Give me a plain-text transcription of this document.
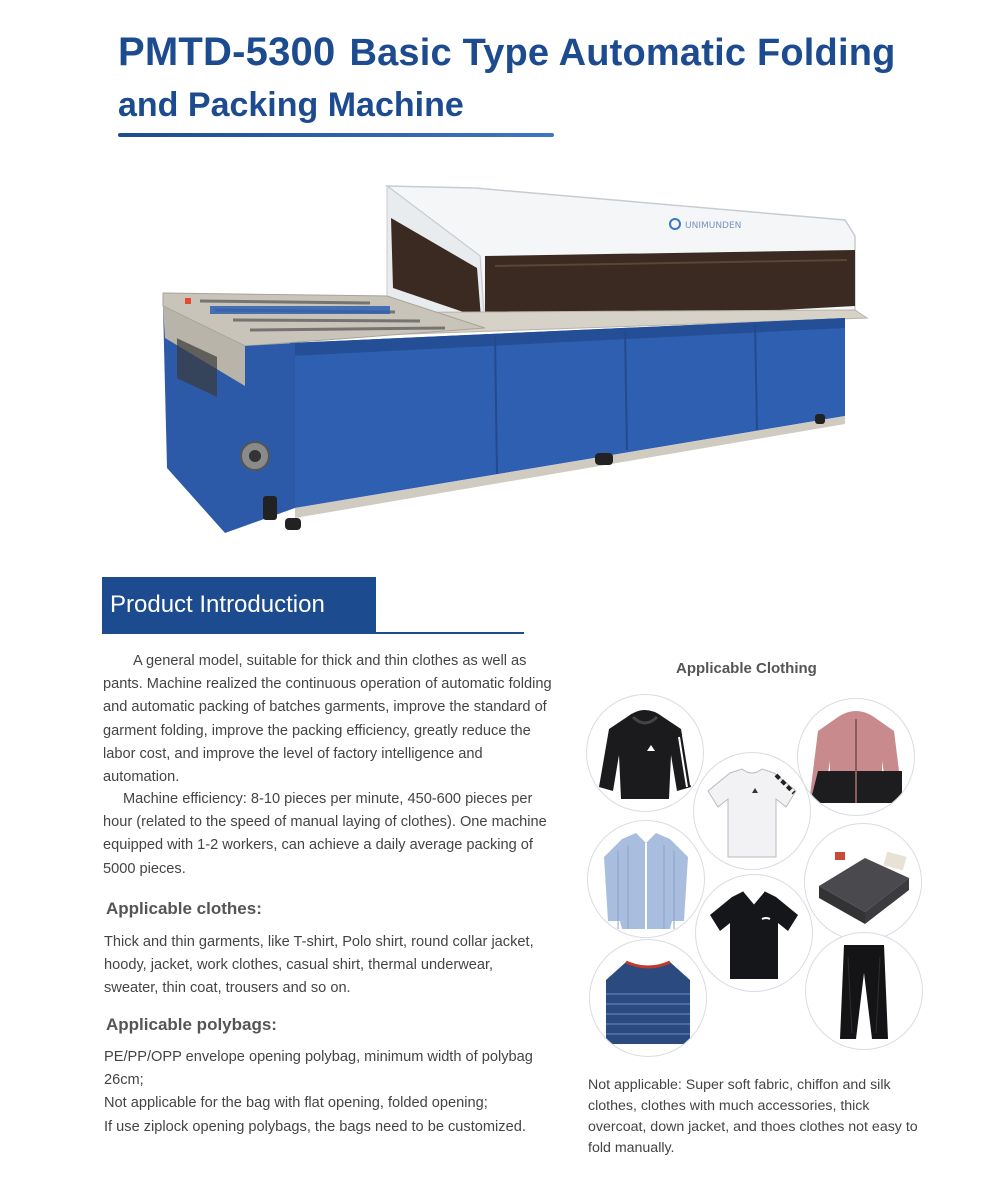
PMTD-5300 Basic Type Automatic Folding
and Packing Machine
UNIMUNDEN
Product Introduction
A general model, suitable for thick and thin clothes as well as pants. Machine realized the continuous operation of automatic folding and automatic packing of batches garments, improve the standard of garment folding, improve the packing efficiency, greatly reduce the labor cost, and improve the level of factory intelligence and automation.
Machine efficiency: 8-10 pieces per minute, 450-600 pieces per hour (related to the speed of manual laying of clothes). One machine equipped with 1-2 workers, can achieve a daily average packing of 5000 pieces.
Applicable clothes:
Thick and thin garments, like T-shirt, Polo shirt, round collar jacket, hoody, jacket, work clothes, casual shirt, thermal underwear, sweater, thin coat, trousers and so on.
Applicable polybags:
PE/PP/OPP envelope opening polybag, minimum width of polybag 26cm;
Not applicable for the bag with flat opening, folded opening;
If use ziplock opening polybags, the bags need to be customized.
Applicable Clothing
Not applicable: Super soft fabric, chiffon and silk clothes, clothes with much accessories, thick overcoat, down jacket, and thoes clothes not easy to fold manually.
